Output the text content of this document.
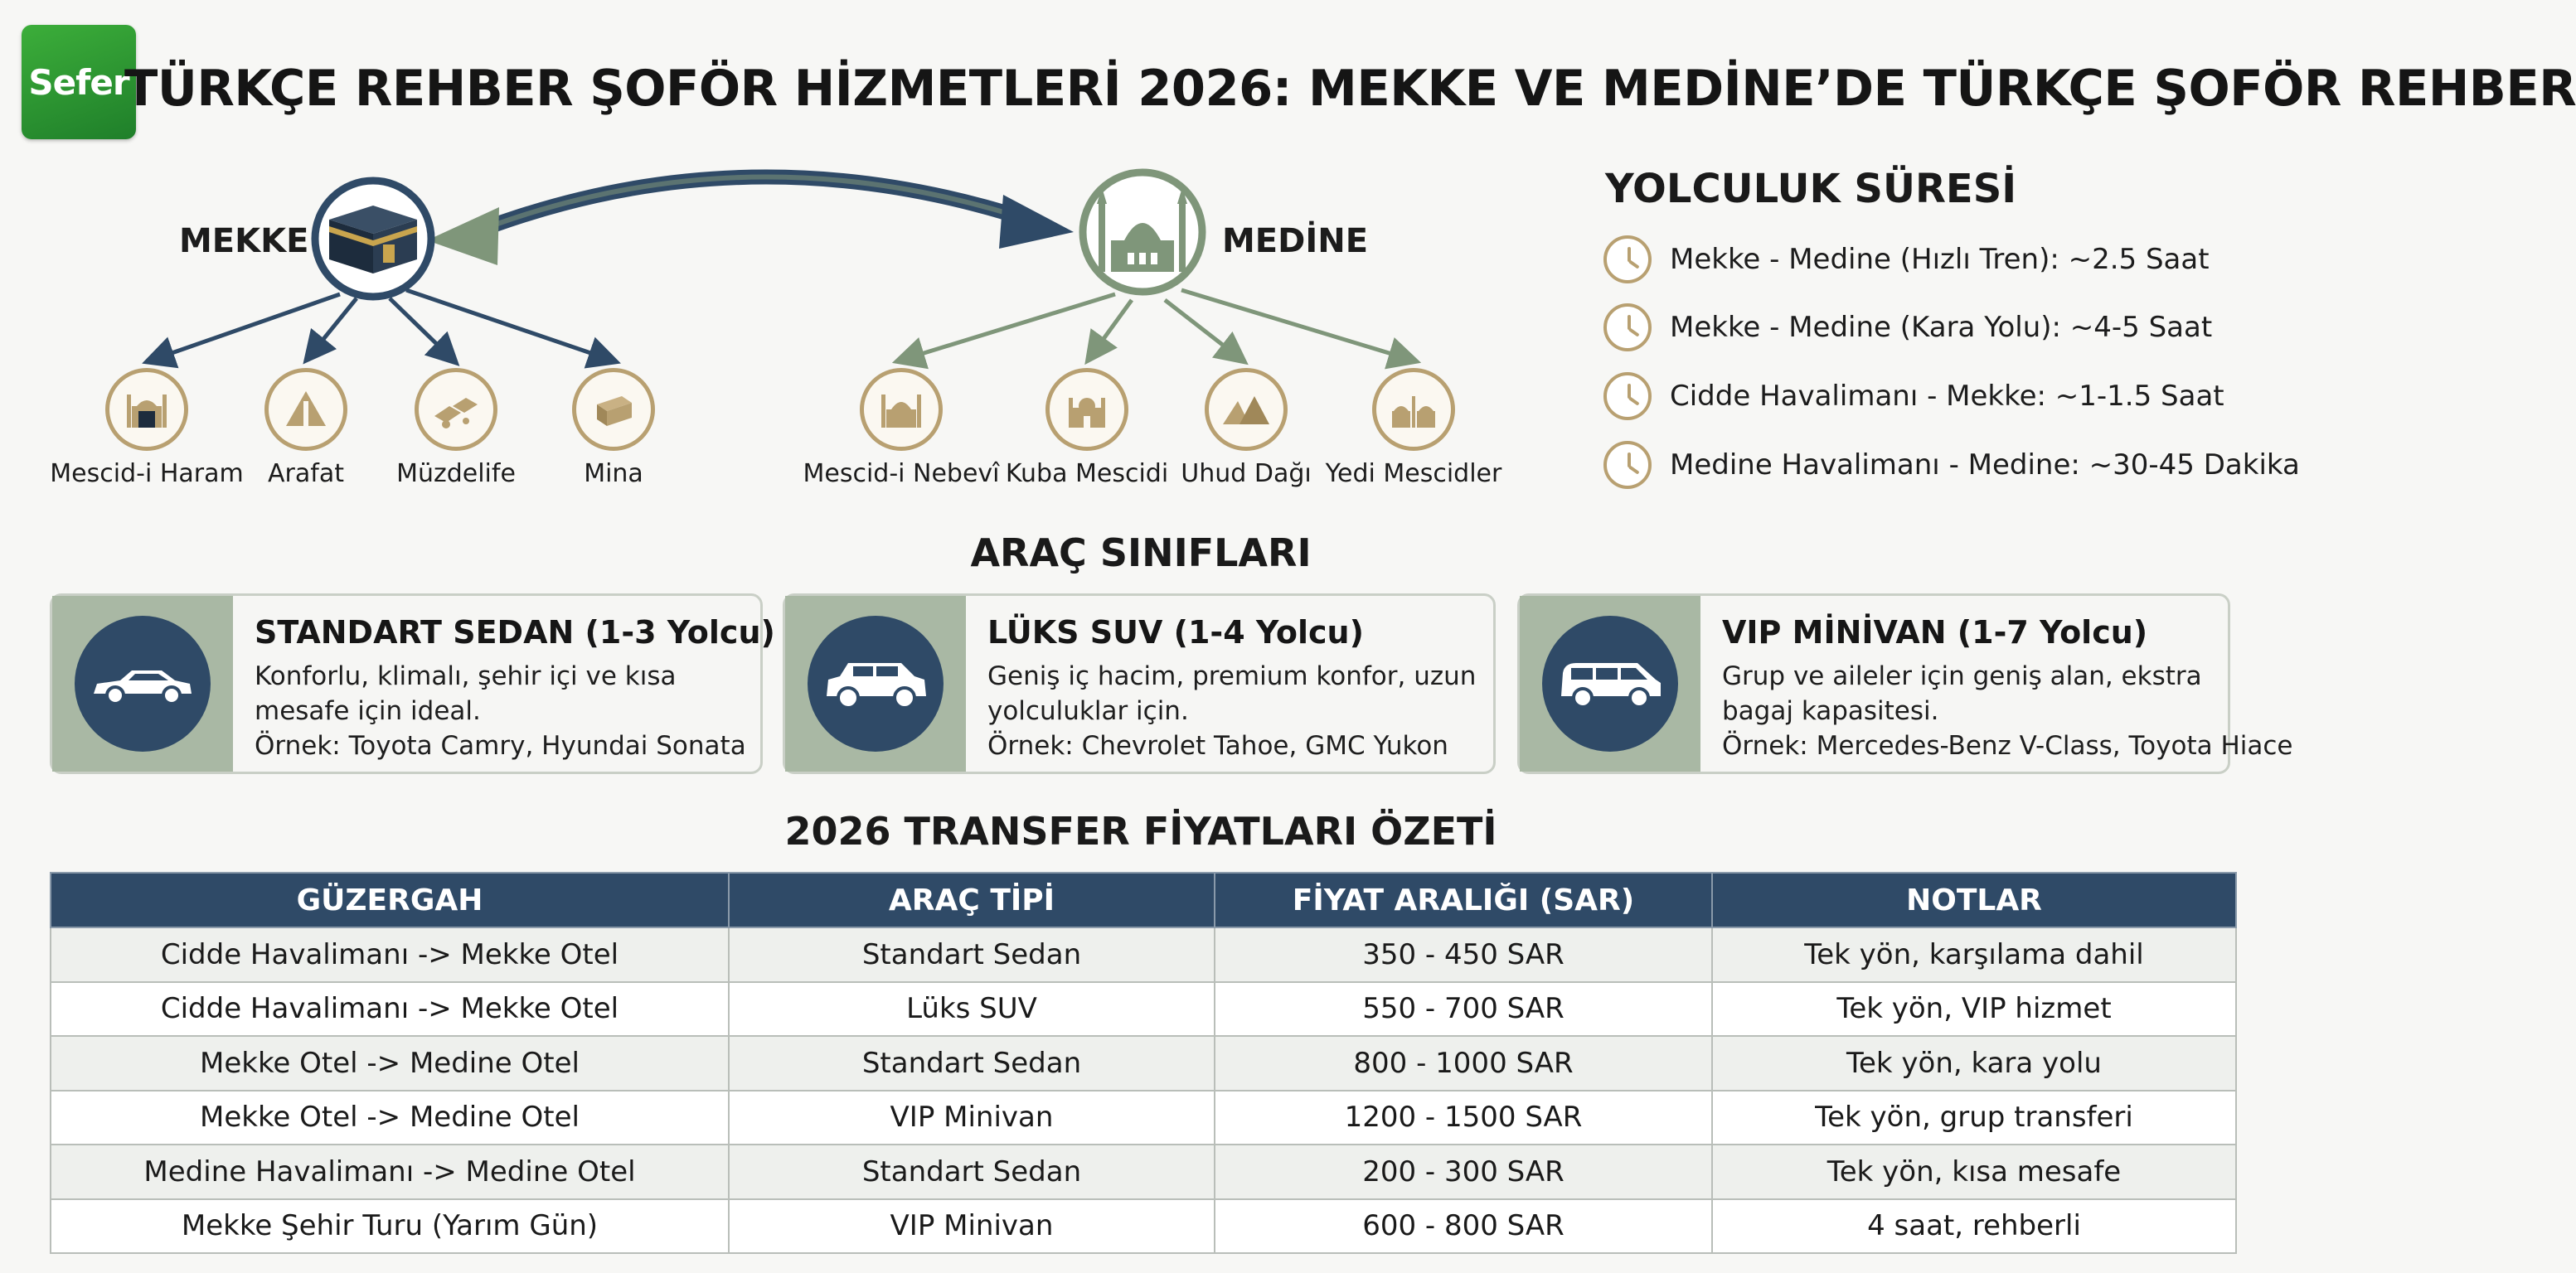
Sefer
TÜRKÇE REHBER ŞOFÖR HİZMETLERİ 2026: MEKKE VE MEDİNE’DE TÜRKÇE ŞOFÖR REHBER
MEKKE	MEDİNE
Mescid-i Haram Arafat	Müzdelife	Mina	Mescid-i Nebevî Kuba Mescidi Uhud Dağı Yedi Mescidler
YOLCULUK SÜRESİ
Mekke - Medine (Hızlı Tren): ~2.5 Saat
Mekke - Medine (Kara Yolu): ~4-5 Saat
Cidde Havalimanı - Mekke: ~1-1.5 Saat
Medine Havalimanı - Medine: ~30-45 Dakika
ARAÇ SINIFLARI
STANDART SEDAN (1-3 Yolcu)
Konforlu, klimalı, şehir içi ve kısa mesafe için ideal.
Örnek: Toyota Camry, Hyundai Sonata
LÜKS SUV (1-4 Yolcu)
Geniş iç hacim, premium konfor, uzun yolculuklar için.
Örnek: Chevrolet Tahoe, GMC Yukon
VIP MİNİVAN (1-7 Yolcu)
Grup ve aileler için geniş alan, ekstra bagaj kapasitesi.
Örnek: Mercedes-Benz V-Class, Toyota Hiace
2026 TRANSFER FİYATLARI ÖZETİ
GÜZERGAH	ARAÇ TİPİ	FİYAT ARALIĞI (SAR)	NOTLAR
Cidde Havalimanı -> Mekke Otel	Standart Sedan	350 - 450 SAR	Tek yön, karşılama dahil
Cidde Havalimanı -> Mekke Otel	Lüks SUV	550 - 700 SAR	Tek yön, VIP hizmet
Mekke Otel -> Medine Otel	Standart Sedan	800 - 1000 SAR	Tek yön, kara yolu
Mekke Otel -> Medine Otel	VIP Minivan	1200 - 1500 SAR	Tek yön, grup transferi
Medine Havalimanı -> Medine Otel	Standart Sedan	200 - 300 SAR	Tek yön, kısa mesafe
Mekke Şehir Turu (Yarım Gün)	VIP Minivan	600 - 800 SAR	4 saat, rehberli
